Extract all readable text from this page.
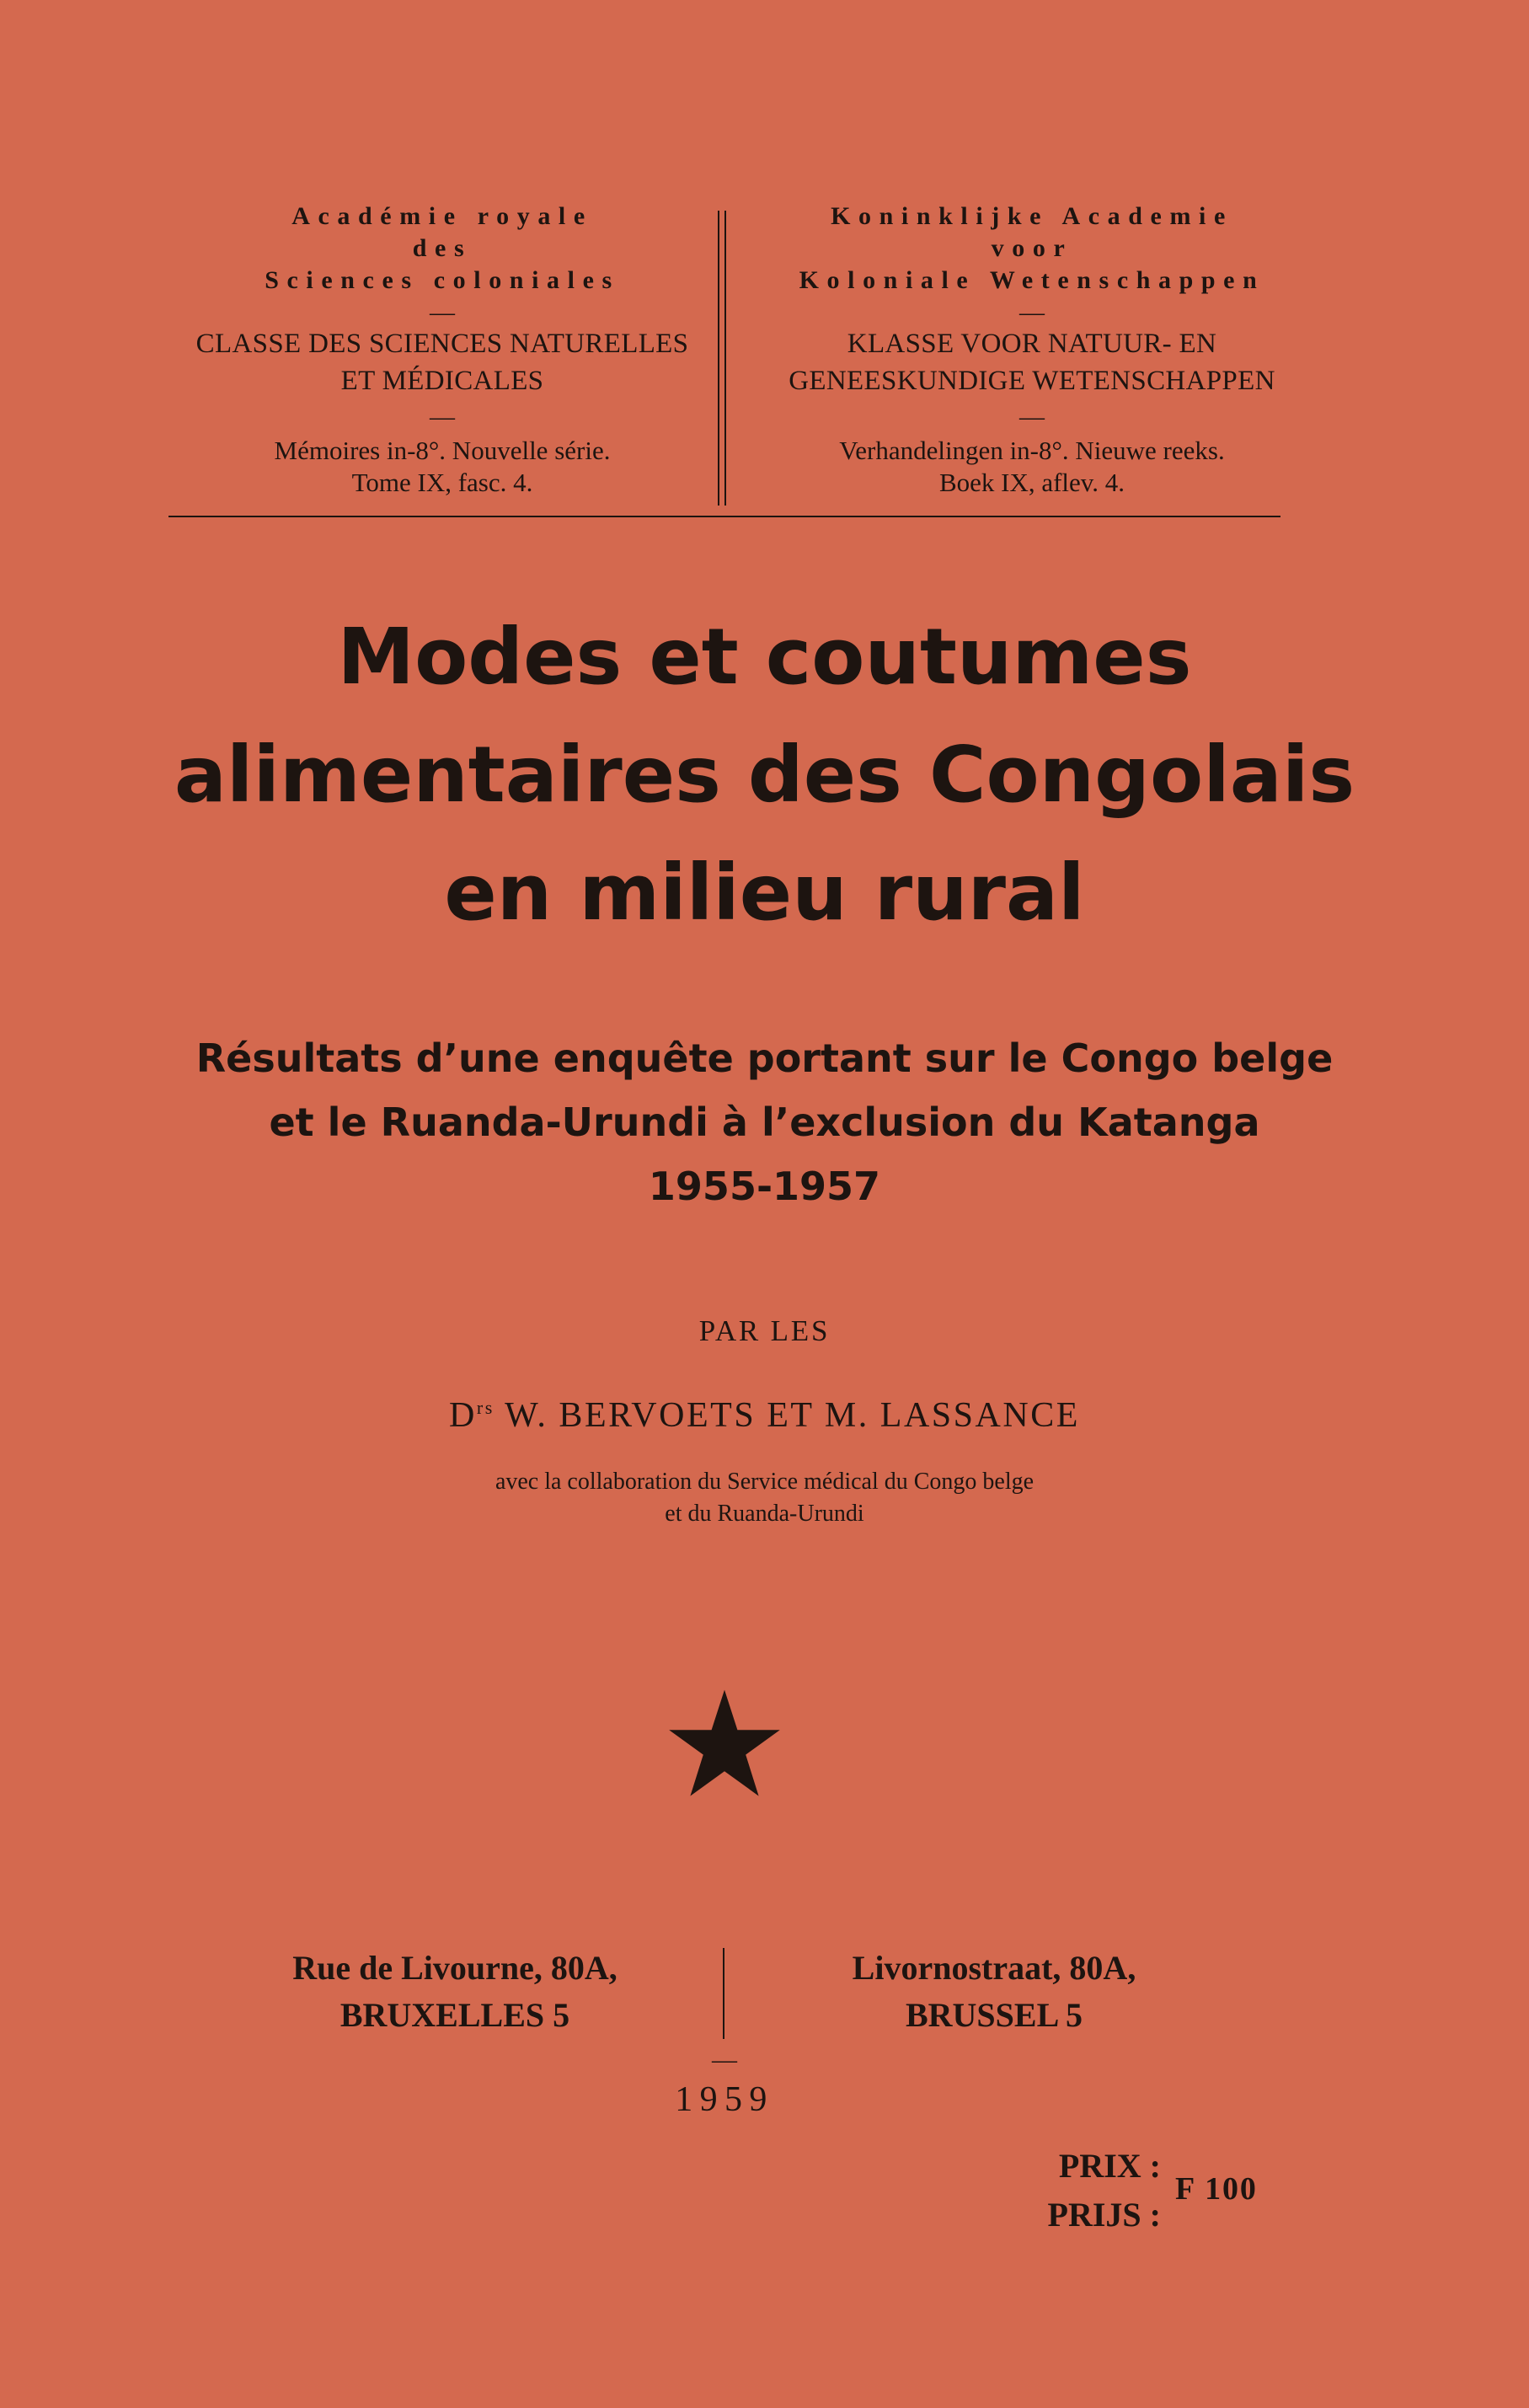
Académie royale
des
Sciences coloniales
—
CLASSE DES SCIENCES NATURELLES
ET MÉDICALES
—
Mémoires in-8°. Nouvelle série.
Tome IX, fasc. 4.
Koninklijke Academie
voor
Koloniale Wetenschappen
—
KLASSE VOOR NATUUR- EN
GENEESKUNDIGE WETENSCHAPPEN
—
Verhandelingen in-8°. Nieuwe reeks.
Boek IX, aflev. 4.
Modes et coutumes
alimentaires des Congolais
en milieu rural
Résultats d’une enquête portant sur le Congo belge
et le Ruanda-Urundi à l’exclusion du Katanga
1955-1957
PAR LES
$D^{rs}$ W. BERVOETS ET M. LASSANCE
avec la collaboration du Service médical du Congo belge
et du Ruanda-Urundi
Rue de Livourne, 80A,
BRUXELLES 5
Livornostraat, 80A,
BRUSSEL 5
—
1959
PRIX :
PRIJS :
F 100
